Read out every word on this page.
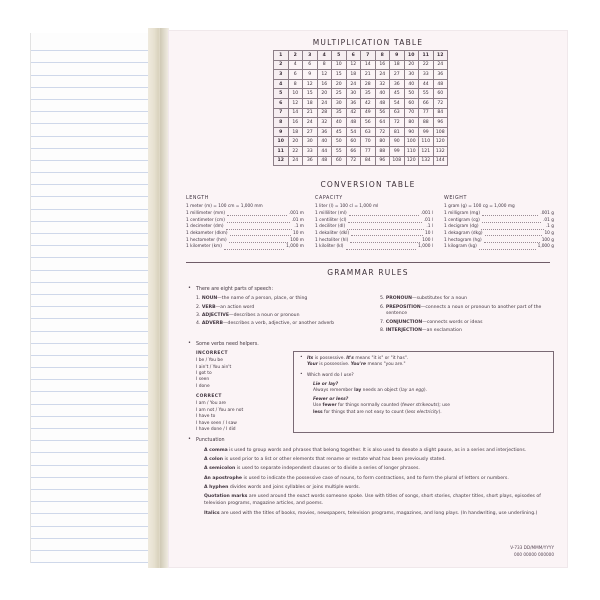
MULTIPLICATION TABLE
1	2	3	4	5	6	7	8	9	10	11	12
2	4	6	8	10	12	14	16	18	20	22	24
3	6	9	12	15	18	21	24	27	30	33	36
4	8	12	16	20	24	28	32	36	40	44	48
5	10	15	20	25	30	35	40	45	50	55	60
6	12	18	24	30	36	42	48	54	60	66	72
7	14	21	28	35	42	49	56	63	70	77	84
8	16	24	32	40	48	56	64	72	80	88	96
9	18	27	36	45	54	63	72	81	90	99	108
10	20	30	40	50	60	70	80	90	100	110	120
11	22	33	44	55	66	77	88	99	110	121	132
12	24	36	48	60	72	84	96	108	120	132	144
CONVERSION TABLE
LENGTH
1 meter (m) = 100 cm = 1,000 mm
1 millimeter (mm)	.001 m
1 centimeter (cm)	.01 m
1 decimeter (dm)	.1 m
1 dekameter (dkm)	10 m
1 hectometer (hm)	100 m
1 kilometer (km)	1,000 m
CAPACITY
1 liter (l) = 100 cl = 1,000 ml
1 milliliter (ml)	.001 l
1 centiliter (cl)	.01 l
1 deciliter (dl)	.1 l
1 dekaliter (dkl)	10 l
1 hectoliter (hl)	100 l
1 kiloliter (kl)	1,000 l
WEIGHT
1 gram (g) = 100 cg = 1,000 mg
1 milligram (mg)	.001 g
1 centigram (cg)	.01 g
1 decigram (dg)	.1 g
1 dekagram (dkg)	10 g
1 hectogram (hg)	100 g
1 kilogram (kg)	1,000 g
GRAMMAR RULES
• There are eight parts of speech:
1. NOUN—the name of a person, place, or thing
2. VERB—an action word
3. ADJECTIVE—describes a noun or pronoun
4. ADVERB—describes a verb, adjective, or another adverb
5. PRONOUN—substitutes for a noun
6. PREPOSITION—connects a noun or pronoun to another part of the sentence
7. CONJUNCTION—connects words or ideas
8. INTERJECTION—an exclamation
• Some verbs need helpers.
INCORRECT
I be / You be
I ain't / You ain't
I got to
I seen
I done
CORRECT
I am / You are
I am not / You are not
I have to
I have seen / I saw
I have done / I did
• Its is possessive. It's means "it is" or "it has".
Your is possessive. You're means "you are."
• Which word do I use?
Lie or lay?
Always remember lay needs an object (lay an egg).
Fewer or less?
Use fewer for things normally counted (fewer strikeouts); use
less for things that are not easy to count (less electricity).
• Punctuation

A comma is used to group words and phrases that belong together. It is also used to denote a slight pause, as in a series and interjections.

A colon is used prior to a list or other elements that rename or restate what has been previously stated.

A semicolon is used to separate independent clauses or to divide a series of longer phrases.

An apostrophe is used to indicate the possessive case of nouns, to form contractions, and to form the plural of letters or numbers.

A hyphen divides words and joins syllables or joins multiple words.

Quotation marks are used around the exact words someone spoke. Use with titles of songs, short stories, chapter titles, short plays, episodes of television programs, magazine articles, and poems.

Italics are used with the titles of books, movies, newspapers, television programs, magazines, and long plays. (In handwriting, use underlining.)

V-733 DD/MMM/YYYY
000 00000 000000
